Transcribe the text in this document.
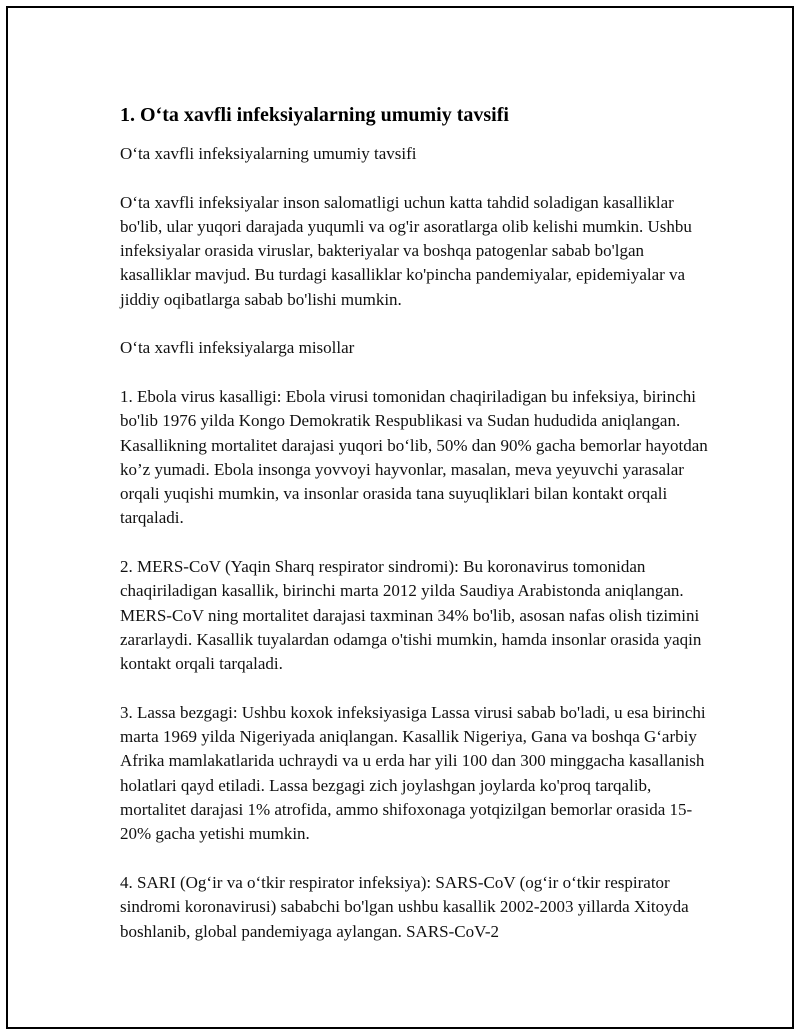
1. O‘ta xavfli infeksiyalarning umumiy tavsifi

O‘ta xavfli infeksiyalarning umumiy tavsifi

O‘ta xavfli infeksiyalar inson salomatligi uchun katta tahdid soladigan kasalliklar bo'lib, ular yuqori darajada yuqumli va og'ir asoratlarga olib kelishi mumkin. Ushbu infeksiyalar orasida viruslar, bakteriyalar va boshqa patogenlar sabab bo'lgan kasalliklar mavjud. Bu turdagi kasalliklar ko'pincha pandemiyalar, epidemiyalar va jiddiy oqibatlarga sabab bo'lishi mumkin.

O‘ta xavfli infeksiyalarga misollar

1. Ebola virus kasalligi: Ebola virusi tomonidan chaqiriladigan bu infeksiya, birinchi bo'lib 1976 yilda Kongo Demokratik Respublikasi va Sudan hududida aniqlangan. Kasallikning mortalitet darajasi yuqori bo‘lib, 50% dan 90% gacha bemorlar hayotdan ko’z yumadi. Ebola insonga yovvoyi hayvonlar, masalan, meva yeyuvchi yarasalar orqali yuqishi mumkin, va insonlar orasida tana suyuqliklari bilan kontakt orqali tarqaladi.

2. MERS-CoV (Yaqin Sharq respirator sindromi): Bu koronavirus tomonidan chaqiriladigan kasallik, birinchi marta 2012 yilda Saudiya Arabistonda aniqlangan. MERS-CoV ning mortalitet darajasi taxminan 34% bo'lib, asosan nafas olish tizimini zararlaydi. Kasallik tuyalardan odamga o'tishi mumkin, hamda insonlar orasida yaqin kontakt orqali tarqaladi.

3. Lassa bezgagi: Ushbu koxok infeksiyasiga Lassa virusi sabab bo'ladi, u esa birinchi marta 1969 yilda Nigeriyada aniqlangan. Kasallik Nigeriya, Gana va boshqa G‘arbiy Afrika mamlakatlarida uchraydi va u erda har yili 100 dan 300 minggacha kasallanish holatlari qayd etiladi. Lassa bezgagi zich joylashgan joylarda ko'proq tarqalib, mortalitet darajasi 1% atrofida, ammo shifoxonaga yotqizilgan bemorlar orasida 15-20% gacha yetishi mumkin.

4. SARI (Og‘ir va o‘tkir respirator infeksiya): SARS-CoV (og‘ir o‘tkir respirator sindromi koronavirusi) sababchi bo'lgan ushbu kasallik 2002-2003 yillarda Xitoyda boshlanib, global pandemiyaga aylangan. SARS-CoV-2
